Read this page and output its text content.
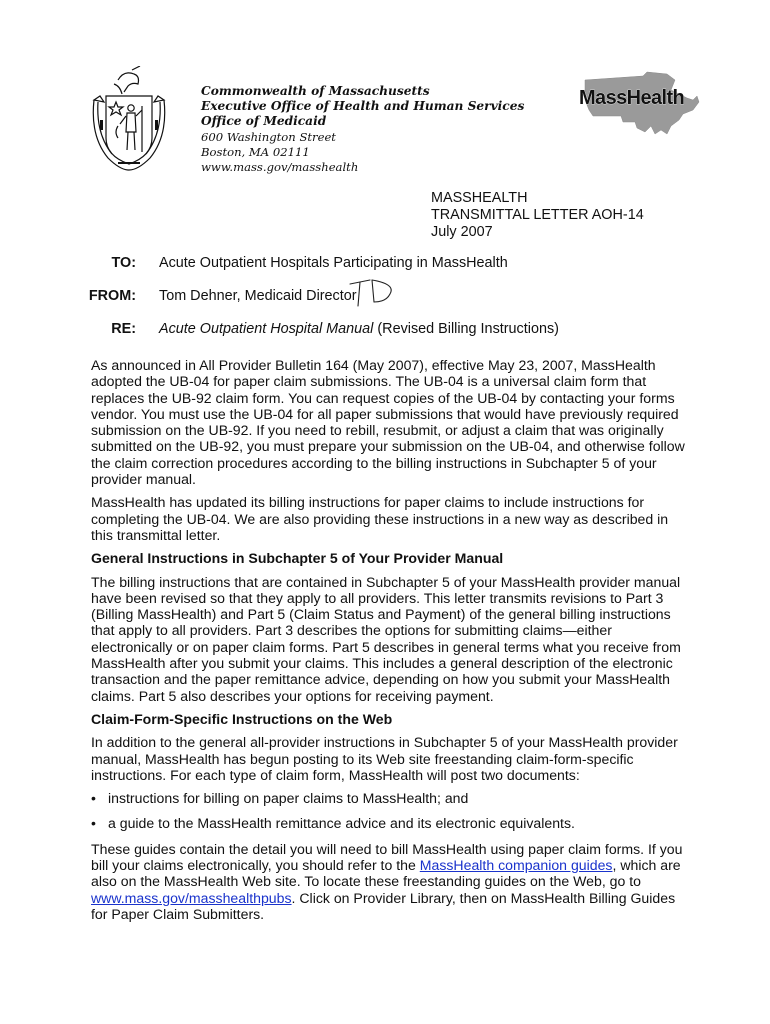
Commonwealth of Massachusetts
Executive Office of Health and Human Services
Office of Medicaid
600 Washington Street
Boston, MA 02111
www.mass.gov/masshealth
MassHealth
MASSHEALTH
TRANSMITTAL LETTER AOH-14
July 2007
TO: Acute Outpatient Hospitals Participating in MassHealth
FROM: Tom Dehner, Medicaid Director
RE: Acute Outpatient Hospital Manual (Revised Billing Instructions)

As announced in All Provider Bulletin 164 (May 2007), effective May 23, 2007, MassHealth adopted the UB-04 for paper claim submissions. The UB-04 is a universal claim form that replaces the UB-92 claim form. You can request copies of the UB-04 by contacting your forms vendor. You must use the UB-04 for all paper submissions that would have previously required submission on the UB-92. If you need to rebill, resubmit, or adjust a claim that was originally submitted on the UB-92, you must prepare your submission on the UB-04, and otherwise follow the claim correction procedures according to the billing instructions in Subchapter 5 of your provider manual.

MassHealth has updated its billing instructions for paper claims to include instructions for completing the UB-04. We are also providing these instructions in a new way as described in this transmittal letter.

General Instructions in Subchapter 5 of Your Provider Manual

The billing instructions that are contained in Subchapter 5 of your MassHealth provider manual have been revised so that they apply to all providers. This letter transmits revisions to Part 3 (Billing MassHealth) and Part 5 (Claim Status and Payment) of the general billing instructions that apply to all providers. Part 3 describes the options for submitting claims—either electronically or on paper claim forms. Part 5 describes in general terms what you receive from MassHealth after you submit your claims. This includes a general description of the electronic transaction and the paper remittance advice, depending on how you submit your MassHealth claims. Part 5 also describes your options for receiving payment.

Claim-Form-Specific Instructions on the Web

In addition to the general all-provider instructions in Subchapter 5 of your MassHealth provider manual, MassHealth has begun posting to its Web site freestanding claim-form-specific instructions. For each type of claim form, MassHealth will post two documents:

• instructions for billing on paper claims to MassHealth; and
• a guide to the MassHealth remittance advice and its electronic equivalents.

These guides contain the detail you will need to bill MassHealth using paper claim forms. If you bill your claims electronically, you should refer to the MassHealth companion guides, which are also on the MassHealth Web site. To locate these freestanding guides on the Web, go to www.mass.gov/masshealthpubs. Click on Provider Library, then on MassHealth Billing Guides for Paper Claim Submitters.
